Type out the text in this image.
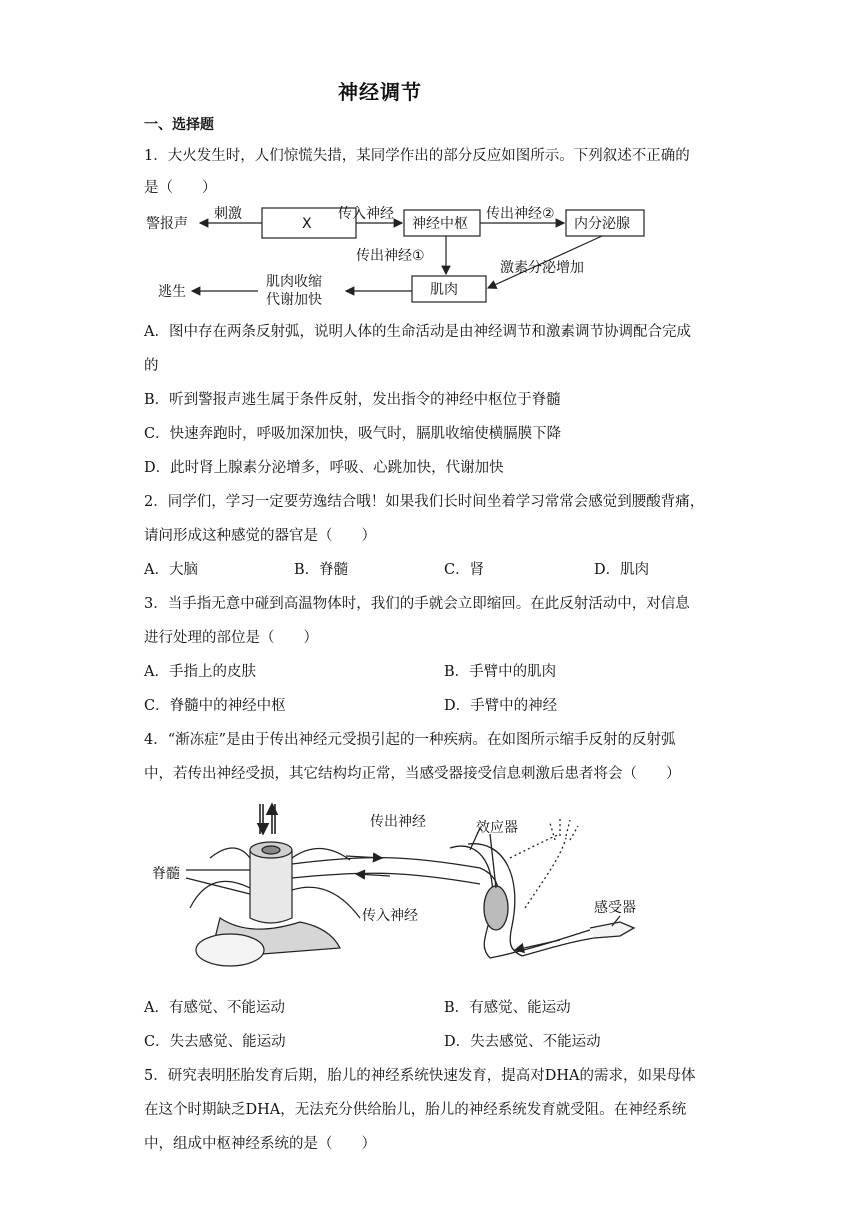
神经调节
一、选择题
1．大火发生时，人们惊慌失措，某同学作出的部分反应如图所示。下列叙述不正确的
是（　　）
警报声
刺激
X
传入神经
神经中枢
传出神经②
内分泌腺
传出神经①
激素分泌增加
肌肉
肌肉收缩
代谢加快
逃生
A．图中存在两条反射弧，说明人体的生命活动是由神经调节和激素调节协调配合完成
的
B．听到警报声逃生属于条件反射，发出指令的神经中枢位于脊髓
C．快速奔跑时，呼吸加深加快，吸气时，膈肌收缩使横膈膜下降
D．此时肾上腺素分泌增多，呼吸、心跳加快，代谢加快
2．同学们，学习一定要劳逸结合哦！如果我们长时间坐着学习常常会感觉到腰酸背痛，
请问形成这种感觉的器官是（　　）
A．大脑	B．脊髓	C．肾	D．肌肉
3．当手指无意中碰到高温物体时，我们的手就会立即缩回。在此反射活动中，对信息
进行处理的部位是（　　）
A．手指上的皮肤	B．手臂中的肌肉
C．脊髓中的神经中枢	D．手臂中的神经
4．“渐冻症”是由于传出神经元受损引起的一种疾病。在如图所示缩手反射的反射弧
中，若传出神经受损，其它结构均正常，当感受器接受信息刺激后患者将会（　　）
脊髓
传出神经	效应器
传入神经	感受器
A．有感觉、不能运动	B．有感觉、能运动
C．失去感觉、能运动	D．失去感觉、不能运动
5．研究表明胚胎发育后期，胎儿的神经系统快速发育，提高对DHA的需求，如果母体
在这个时期缺乏DHA，无法充分供给胎儿，胎儿的神经系统发育就受阻。在神经系统
中，组成中枢神经系统的是（　　）
